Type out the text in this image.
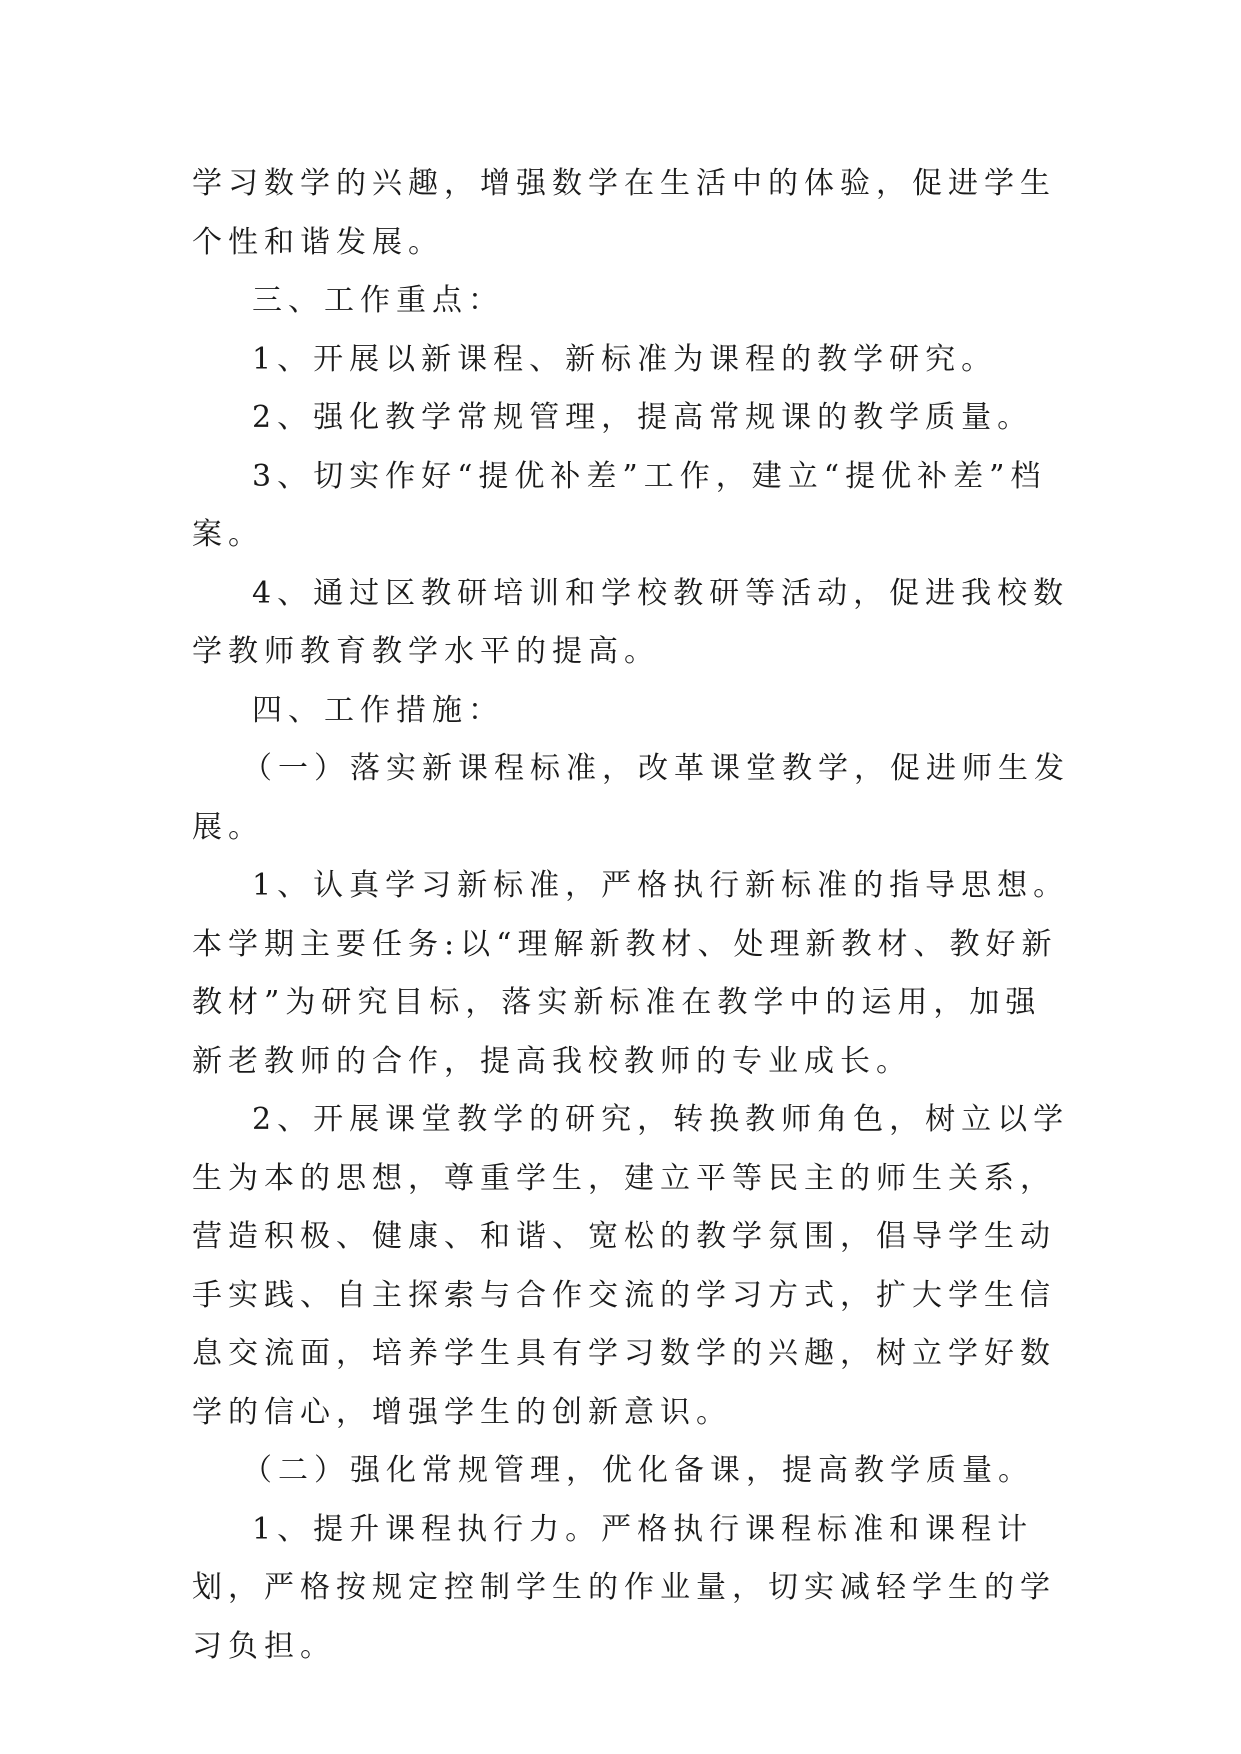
学习数学的兴趣，增强数学在生活中的体验，促进学生个性和谐发展。

三、工作重点：

1、开展以新课程、新标准为课程的教学研究。

2、强化教学常规管理，提高常规课的教学质量。

3、切实作好“提优补差”工作，建立“提优补差”档案。

4、通过区教研培训和学校教研等活动，促进我校数学教师教育教学水平的提高。

四、工作措施：

（一）落实新课程标准，改革课堂教学，促进师生发展。

1、认真学习新标准，严格执行新标准的指导思想。本学期主要任务:以“理解新教材、处理新教材、教好新教材”为研究目标，落实新标准在教学中的运用，加强新老教师的合作，提高我校教师的专业成长。

2、开展课堂教学的研究，转换教师角色，树立以学生为本的思想，尊重学生，建立平等民主的师生关系，营造积极、健康、和谐、宽松的教学氛围，倡导学生动手实践、自主探索与合作交流的学习方式，扩大学生信息交流面，培养学生具有学习数学的兴趣，树立学好数学的信心，增强学生的创新意识。

（二）强化常规管理，优化备课，提高教学质量。

1、提升课程执行力。严格执行课程标准和课程计划，严格按规定控制学生的作业量，切实减轻学生的学习负担。
